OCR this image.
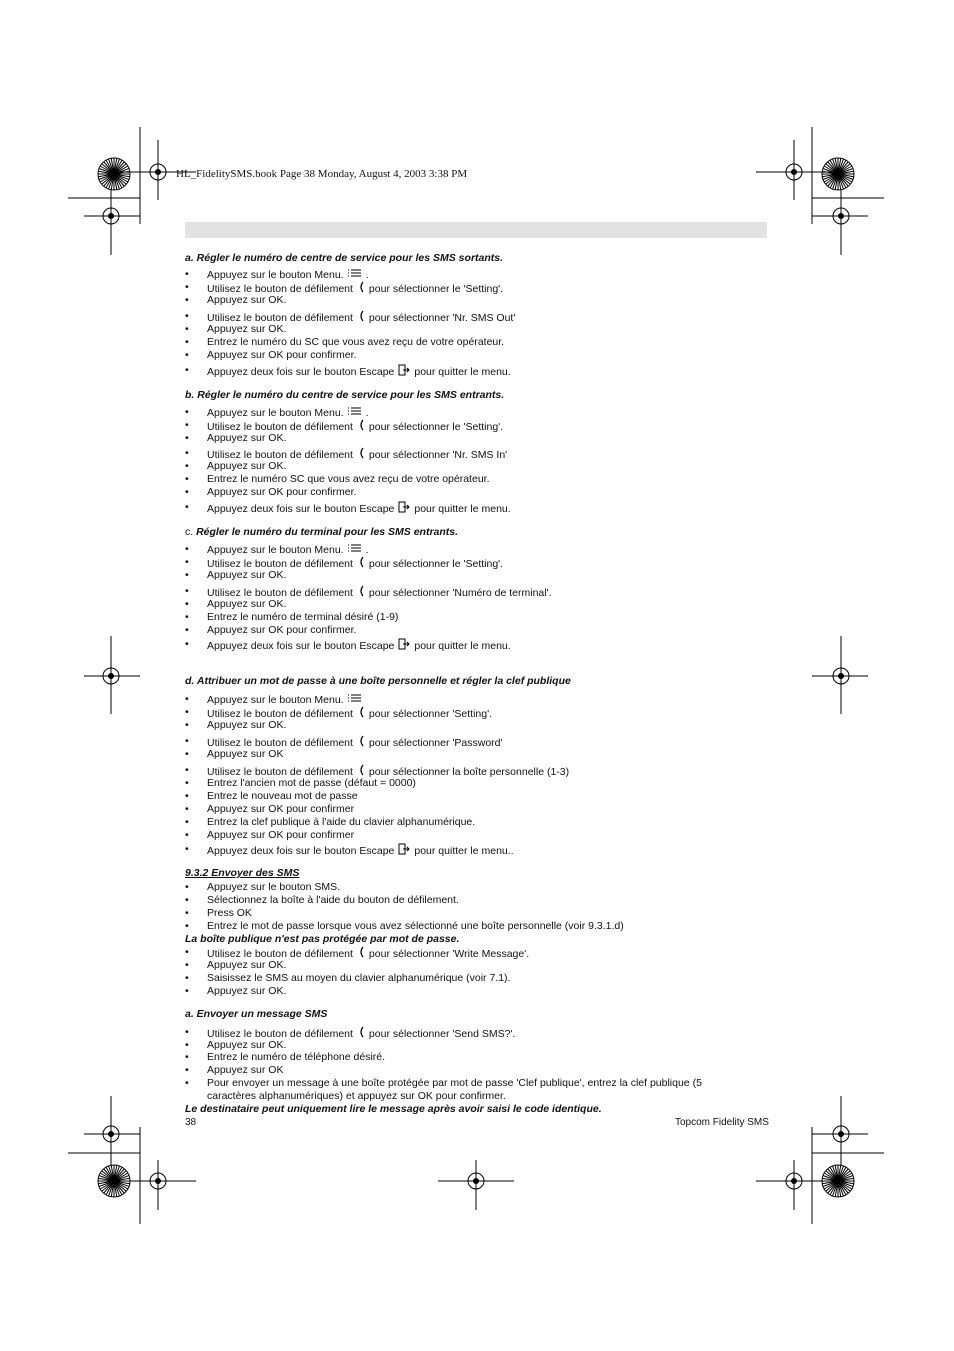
HL_FidelitySMS.book Page 38 Monday, August 4, 2003 3:38 PM
a. Régler le numéro de centre de service pour les SMS sortants.
• Appuyez sur le bouton Menu. .
• Utilisez le bouton de défilement pour sélectionner le 'Setting'.
• Appuyez sur OK.
• Utilisez le bouton de défilement pour sélectionner 'Nr. SMS Out'
• Appuyez sur OK.
• Entrez le numéro du SC que vous avez reçu de votre opérateur.
• Appuyez sur OK pour confirmer.
• Appuyez deux fois sur le bouton Escape pour quitter le menu.
b. Régler le numéro du centre de service pour les SMS entrants.
• Appuyez sur le bouton Menu. .
• Utilisez le bouton de défilement pour sélectionner le 'Setting'.
• Appuyez sur OK.
• Utilisez le bouton de défilement pour sélectionner 'Nr. SMS In'
• Appuyez sur OK.
• Entrez le numéro SC que vous avez reçu de votre opérateur.
• Appuyez sur OK pour confirmer.
• Appuyez deux fois sur le bouton Escape pour quitter le menu.
c. Régler le numéro du terminal pour les SMS entrants.
• Appuyez sur le bouton Menu. .
• Utilisez le bouton de défilement pour sélectionner le 'Setting'.
• Appuyez sur OK.
• Utilisez le bouton de défilement pour sélectionner 'Numéro de terminal'.
• Appuyez sur OK.
• Entrez le numéro de terminal désiré (1-9)
• Appuyez sur OK pour confirmer.
• Appuyez deux fois sur le bouton Escape pour quitter le menu.
d. Attribuer un mot de passe à une boîte personnelle et régler la clef publique
• Appuyez sur le bouton Menu.
• Utilisez le bouton de défilement pour sélectionner 'Setting'.
• Appuyez sur OK.
• Utilisez le bouton de défilement pour sélectionner 'Password'
• Appuyez sur OK
• Utilisez le bouton de défilement pour sélectionner la boîte personnelle (1-3)
• Entrez l'ancien mot de passe (défaut = 0000)
• Entrez le nouveau mot de passe
• Appuyez sur OK pour confirmer
• Entrez la clef publique à l'aide du clavier alphanumérique.
• Appuyez sur OK pour confirmer
• Appuyez deux fois sur le bouton Escape pour quitter le menu..
9.3.2 Envoyer des SMS
• Appuyez sur le bouton SMS.
• Sélectionnez la boîte à l'aide du bouton de défilement.
• Press OK
• Entrez le mot de passe lorsque vous avez sélectionné une boîte personnelle (voir 9.3.1.d)
La boîte publique n'est pas protégée par mot de passe.
• Utilisez le bouton de défilement pour sélectionner 'Write Message'.
• Appuyez sur OK.
• Saisissez le SMS au moyen du clavier alphanumérique (voir 7.1).
• Appuyez sur OK.
a. Envoyer un message SMS
• Utilisez le bouton de défilement pour sélectionner 'Send SMS?'.
• Appuyez sur OK.
• Entrez le numéro de téléphone désiré.
• Appuyez sur OK
• Pour envoyer un message à une boîte protégée par mot de passe 'Clef publique', entrez la clef publique (5
caractères alphanumériques) et appuyez sur OK pour confirmer.
Le destinataire peut uniquement lire le message après avoir saisi le code identique.
38	Topcom Fidelity SMS
